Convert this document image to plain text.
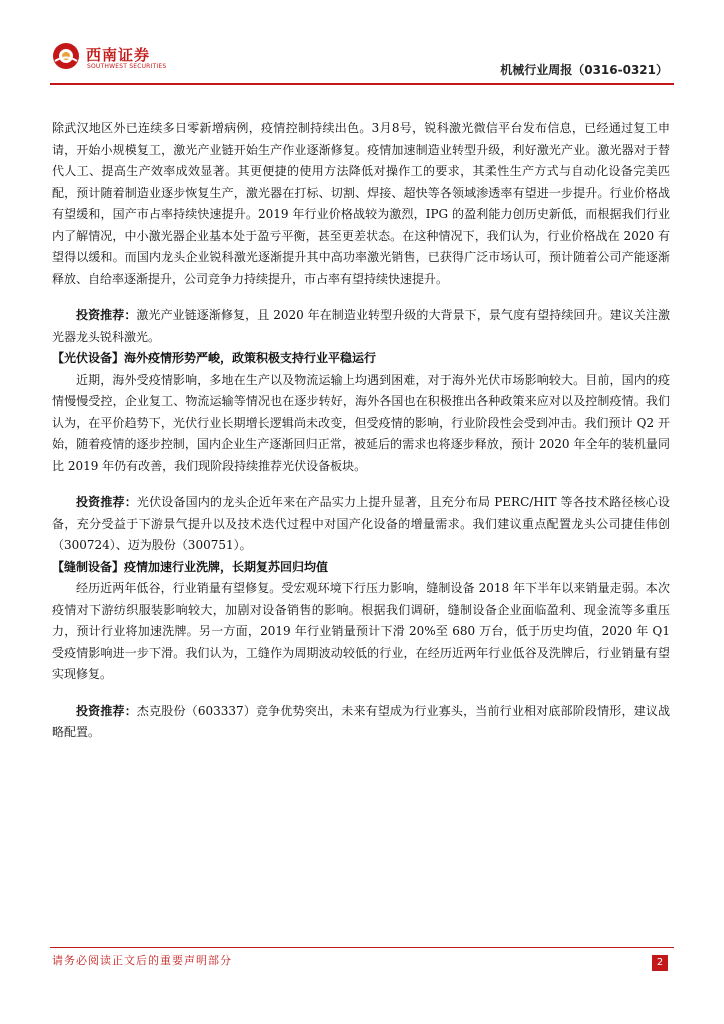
西南证券
SOUTHWEST SECURITIES	机械行业周报（0316-0321）

除武汉地区外已连续多日零新增病例，疫情控制持续出色。3月8号，锐科激光微信平台发布信息，已经通过复工申请，开始小规模复工，激光产业链开始生产作业逐渐修复。疫情加速制造业转型升级，利好激光产业。激光器对于替代人工、提高生产效率成效显著。其更便捷的使用方法降低对操作工的要求，其柔性生产方式与自动化设备完美匹配，预计随着制造业逐步恢复生产，激光器在打标、切割、焊接、超快等各领域渗透率有望进一步提升。行业价格战有望缓和，国产市占率持续快速提升。2019 年行业价格战较为激烈，IPG 的盈利能力创历史新低，而根据我们行业内了解情况，中小激光器企业基本处于盈亏平衡，甚至更差状态。在这种情况下，我们认为，行业价格战在 2020 有望得以缓和。而国内龙头企业锐科激光逐渐提升其中高功率激光销售，已获得广泛市场认可，预计随着公司产能逐渐释放、自给率逐渐提升，公司竞争力持续提升，市占率有望持续快速提升。

投资推荐：激光产业链逐渐修复，且 2020 年在制造业转型升级的大背景下，景气度有望持续回升。建议关注激光器龙头锐科激光。

【光伏设备】海外疫情形势严峻，政策积极支持行业平稳运行

近期，海外受疫情影响，多地在生产以及物流运输上均遇到困难，对于海外光伏市场影响较大。目前，国内的疫情慢慢受控，企业复工、物流运输等情况也在逐步转好，海外各国也在积极推出各种政策来应对以及控制疫情。我们认为，在平价趋势下，光伏行业长期增长逻辑尚未改变，但受疫情的影响，行业阶段性会受到冲击。我们预计 Q2 开始，随着疫情的逐步控制，国内企业生产逐渐回归正常，被延后的需求也将逐步释放，预计 2020 年全年的装机量同比 2019 年仍有改善，我们现阶段持续推荐光伏设备板块。

投资推荐：光伏设备国内的龙头企近年来在产品实力上提升显著，且充分布局 PERC/HIT 等各技术路径核心设备，充分受益于下游景气提升以及技术迭代过程中对国产化设备的增量需求。我们建议重点配置龙头公司捷佳伟创（300724）、迈为股份（300751）。

【缝制设备】疫情加速行业洗牌，长期复苏回归均值

经历近两年低谷，行业销量有望修复。受宏观环境下行压力影响，缝制设备 2018 年下半年以来销量走弱。本次疫情对下游纺织服装影响较大，加剧对设备销售的影响。根据我们调研，缝制设备企业面临盈利、现金流等多重压力，预计行业将加速洗牌。另一方面，2019 年行业销量预计下滑 20%至 680 万台，低于历史均值，2020 年 Q1 受疫情影响进一步下滑。我们认为，工缝作为周期波动较低的行业，在经历近两年行业低谷及洗牌后，行业销量有望实现修复。

投资推荐：杰克股份（603337）竞争优势突出，未来有望成为行业寡头，当前行业相对底部阶段情形，建议战略配置。

请务必阅读正文后的重要声明部分	2
